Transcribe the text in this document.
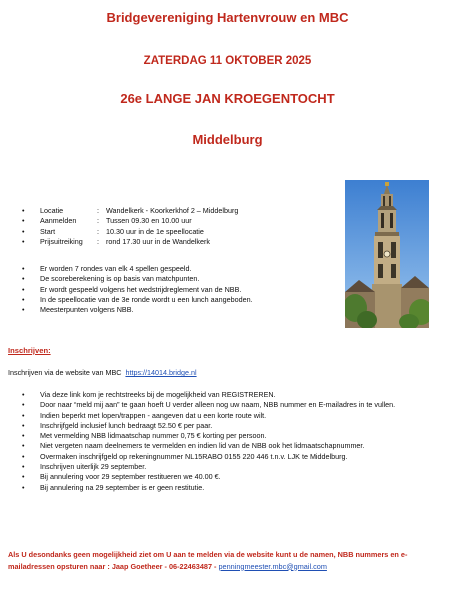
Bridgevereniging Hartenvrouw en MBC
ZATERDAG 11 OKTOBER 2025
26e LANGE JAN KROEGENTOCHT
Middelburg
•	Locatie	: Wandelkerk - Koorkerkhof 2 – Middelburg
•	Aanmelden	: Tussen 09.30 en 10.00 uur
•	Start	: 10.30 uur in de 1e speellocatie
•	Prijsuitreiking	: rond 17.30 uur in de Wandelkerk
•	Er worden 7 rondes van elk 4 spellen gespeeld.
•	De scoreberekening is op basis van matchpunten.
•	Er wordt gespeeld volgens het wedstrijdreglement van de NBB.
•	In de speellocatie van de 3e ronde wordt u een lunch aangeboden.
•	Meesterpunten volgens NBB.
Inschrijven:
Inschrijven via de website van MBC https://14014.bridge.nl
•	Via deze link kom je rechtstreeks bij de mogelijkheid van REGISTREREN.
•	Door naar “meld mij aan” te gaan hoeft U verder alleen nog uw naam, NBB nummer en E-mailadres in te vullen.
•	Indien beperkt met lopen/trappen - aangeven dat u een korte route wilt.
•	Inschrijfgeld inclusief lunch bedraagt 52.50 € per paar.
•	Met vermelding NBB lidmaatschap nummer 0,75 € korting per persoon.
•	Niet vergeten naam deelnemers te vermelden en indien lid van de NBB ook het lidmaatschapnummer.
•	Overmaken inschrijfgeld op rekeningnummer NL15RABO 0155 220 446 t.n.v. LJK te Middelburg.
•	Inschrijven uiterlijk 29 september.
•	Bij annulering voor 29 september restitueren we 40.00 €.
•	Bij annulering na 29 september is er geen restitutie.
Als U desondanks geen mogelijkheid ziet om U aan te melden via de website kunt u de namen, NBB nummers en e-mailadressen opsturen naar : Jaap Goetheer - 06-22463487 - penningmeester.mbc@gmail.com
